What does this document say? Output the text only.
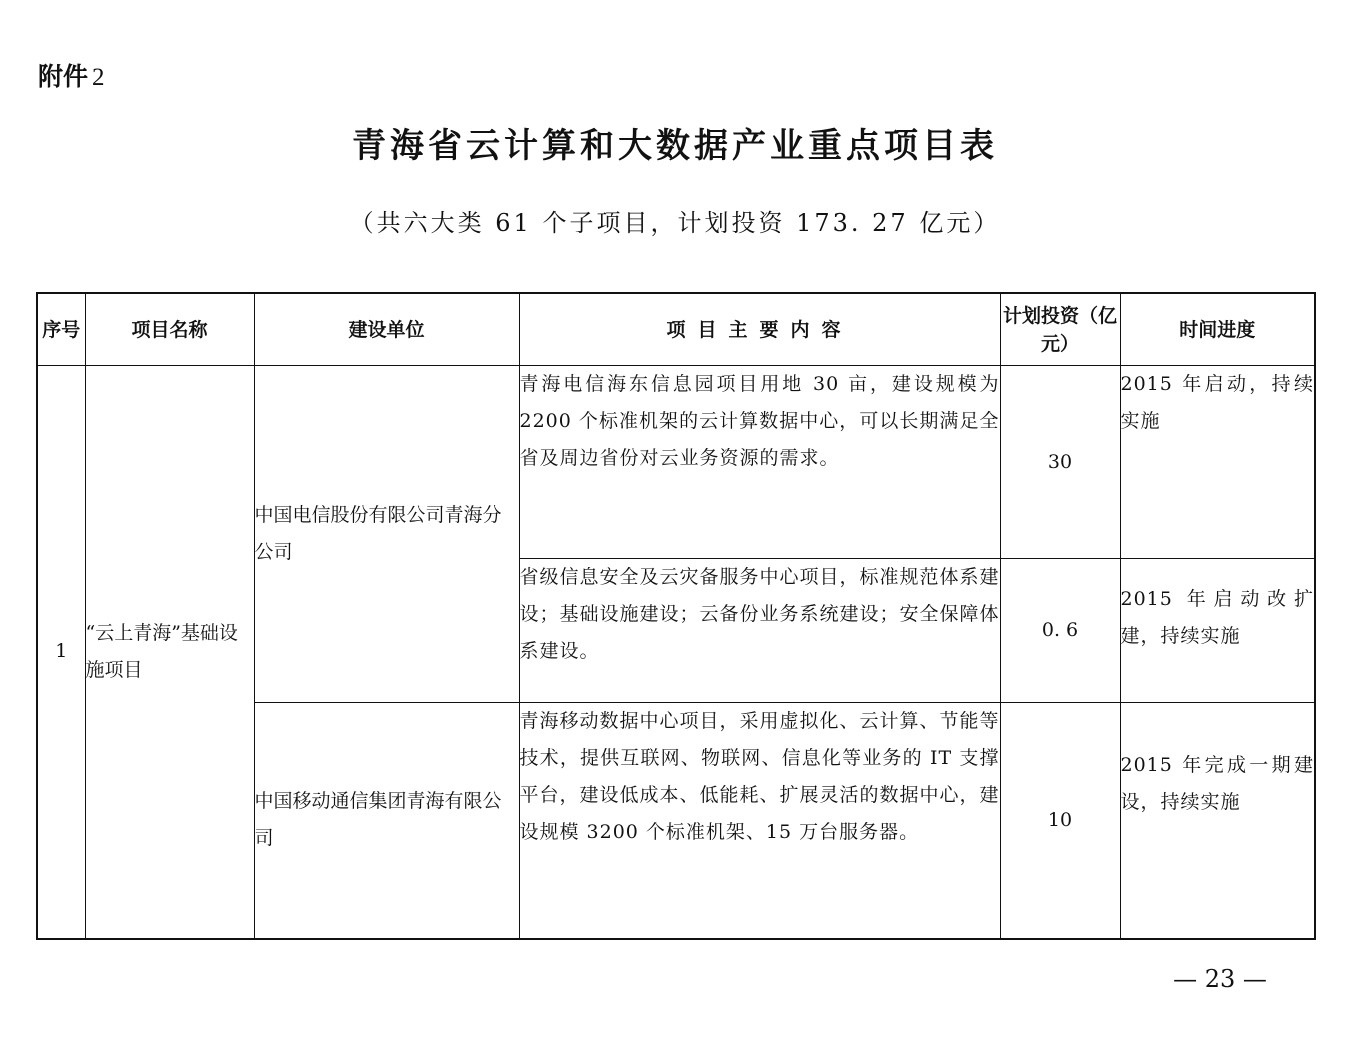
附件 2
青海省云计算和大数据产业重点项目表
（共六大类 61 个子项目，计划投资 173. 27 亿元）
序号	项目名称	建设单位	项目主要内容	计划投资（亿元）	时间进度
1	“云上青海”基础设施项目	中国电信股份有限公司青海分公司	青海电信海东信息园项目用地 30 亩，建设规模为 2200 个标准机架的云计算数据中心，可以长期满足全省及周边省份对云业务资源的需求。	30	2015 年启动，持续实施
			省级信息安全及云灾备服务中心项目，标准规范体系建设；基础设施建设；云备份业务系统建设；安全保障体系建设。	0. 6	2015 年启动改扩建，持续实施
		中国移动通信集团青海有限公司	青海移动数据中心项目，采用虚拟化、云计算、节能等技术，提供互联网、物联网、信息化等业务的 IT 支撑平台，建设低成本、低能耗、扩展灵活的数据中心，建设规模 3200 个标准机架、15 万台服务器。	10	2015 年完成一期建设，持续实施
— 23 —
